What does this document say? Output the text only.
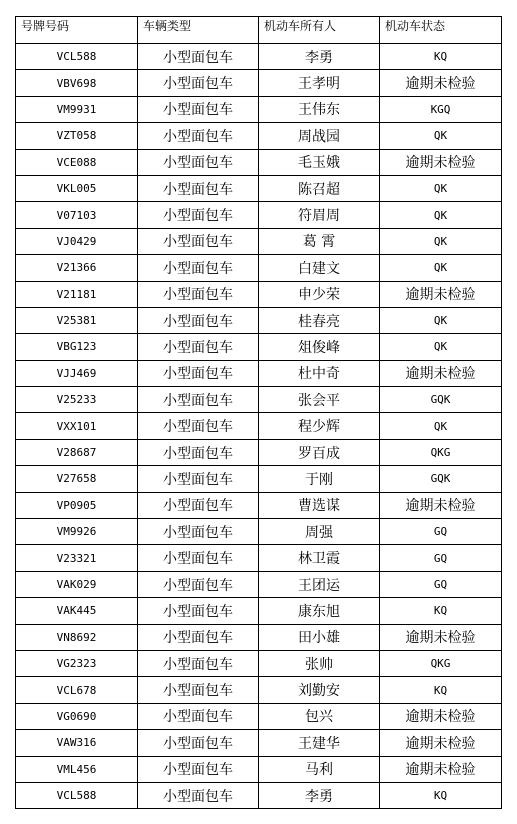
号牌号码	车辆类型	机动车所有人	机动车状态
VCL588	小型面包车	李勇	KQ
VBV698	小型面包车	王孝明	逾期未检验
VM9931	小型面包车	王伟东	KGQ
VZT058	小型面包车	周战园	QK
VCE088	小型面包车	毛玉娥	逾期未检验
VKL005	小型面包车	陈召超	QK
V07103	小型面包车	符眉周	QK
VJ0429	小型面包车	葛 霄	QK
V21366	小型面包车	白建文	QK
V21181	小型面包车	申少荣	逾期未检验
V25381	小型面包车	桂春亮	QK
VBG123	小型面包车	俎俊峰	QK
VJJ469	小型面包车	杜中奇	逾期未检验
V25233	小型面包车	张会平	GQK
VXX101	小型面包车	程少辉	QK
V28687	小型面包车	罗百成	QKG
V27658	小型面包车	于刚	GQK
VP0905	小型面包车	曹选谋	逾期未检验
VM9926	小型面包车	周强	GQ
V23321	小型面包车	林卫霞	GQ
VAK029	小型面包车	王团运	GQ
VAK445	小型面包车	康东旭	KQ
VN8692	小型面包车	田小雄	逾期未检验
VG2323	小型面包车	张帅	QKG
VCL678	小型面包车	刘勤安	KQ
VG0690	小型面包车	包兴	逾期未检验
VAW316	小型面包车	王建华	逾期未检验
VML456	小型面包车	马利	逾期未检验
VCL588	小型面包车	李勇	KQ
